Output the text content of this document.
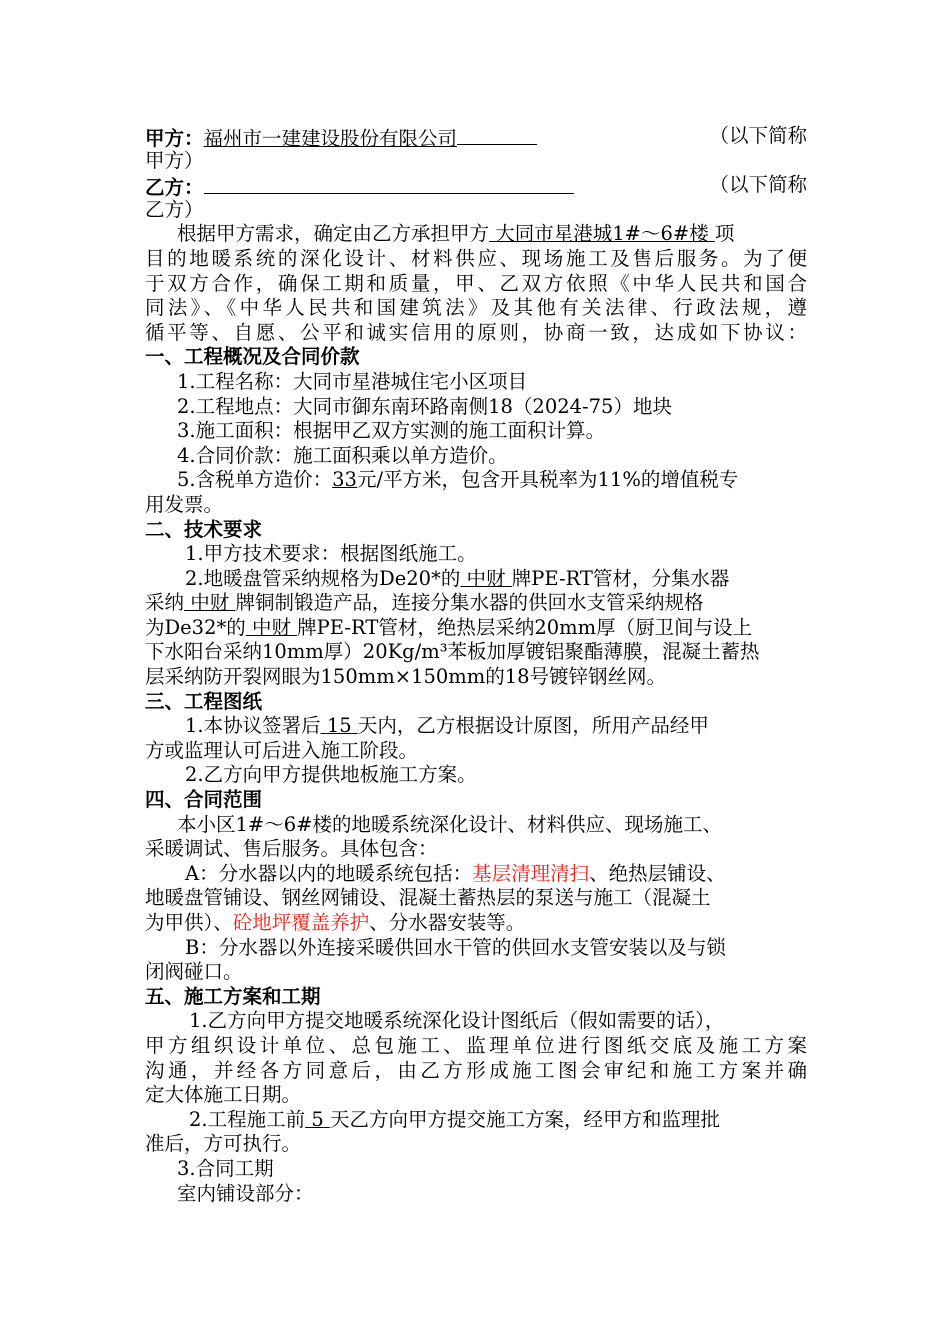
甲方：福州市一建建设股份有限公司	（以下简称
甲方）
乙方：	（以下简称
乙方）
根据甲方需求，确定由乙方承担甲方 大同市星港城1#～6#楼 项
目的地暖系统的深化设计、材料供应、现场施工及售后服务。为了便
于双方合作，确保工期和质量，甲、乙双方依照《中华人民共和国合
同法》、《中华人民共和国建筑法》及其他有关法律、行政法规，遵
循平等、自愿、公平和诚实信用的原则，协商一致，达成如下协议：
一、工程概况及合同价款
1.工程名称：大同市星港城住宅小区项目
2.工程地点：大同市御东南环路南侧18（2024-75）地块
3.施工面积：根据甲乙双方实测的施工面积计算。
4.合同价款：施工面积乘以单方造价。
5.含税单方造价：33元/平方米，包含开具税率为11%的增值税专
用发票。
二、技术要求
1.甲方技术要求：根据图纸施工。
2.地暖盘管采纳规格为De20*的 中财 牌PE-RT管材，分集水器
采纳 中财 牌铜制锻造产品，连接分集水器的供回水支管采纳规格
为De32*的 中财 牌PE-RT管材，绝热层采纳20mm厚（厨卫间与设上
下水阳台采纳10mm厚）20Kg/m³苯板加厚镀铝聚酯薄膜，混凝土蓄热
层采纳防开裂网眼为150mm×150mm的18号镀锌钢丝网。
三、工程图纸
1.本协议签署后 15 天内，乙方根据设计原图，所用产品经甲
方或监理认可后进入施工阶段。
2.乙方向甲方提供地板施工方案。
四、合同范围
本小区1#～6#楼的地暖系统深化设计、材料供应、现场施工、
采暖调试、售后服务。具体包含：
A：分水器以内的地暖系统包括：基层清理清扫、绝热层铺设、
地暖盘管铺设、钢丝网铺设、混凝土蓄热层的泵送与施工（混凝土
为甲供）、砼地坪覆盖养护、分水器安装等。
B：分水器以外连接采暖供回水干管的供回水支管安装以及与锁
闭阀碰口。
五、施工方案和工期
1.乙方向甲方提交地暖系统深化设计图纸后（假如需要的话），
甲方组织设计单位、总包施工、监理单位进行图纸交底及施工方案
沟通，并经各方同意后，由乙方形成施工图会审纪和施工方案并确
定大体施工日期。
2.工程施工前 5 天乙方向甲方提交施工方案，经甲方和监理批
准后，方可执行。
3.合同工期
室内铺设部分：
